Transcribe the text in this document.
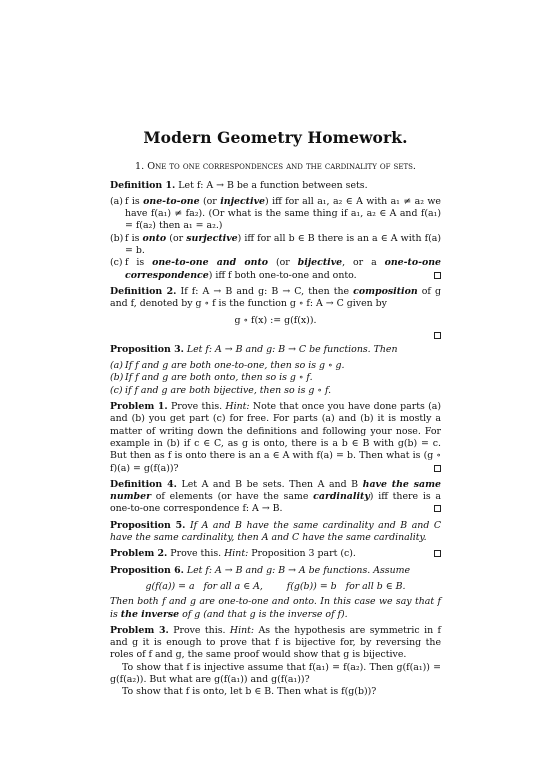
Modern Geometry Homework.
1. One to one correspondences and the cardinality of sets.
Definition 1. Let f: A → B be a function between sets.
(a) f is one-to-one (or injective) iff for all a₁, a₂ ∈ A with a₁ ≠ a₂ we have f(a₁) ≠ fa₂). (Or what is the same thing if a₁, a₂ ∈ A and f(a₁) = f(a₂) then a₁ = a₂.)
(b) f is onto (or surjective) iff for all b ∈ B there is an a ∈ A with f(a) = b.
(c) f is one-to-one and onto (or bijective, or a one-to-one correspondence) iff f both one-to-one and onto.
Definition 2. If f: A → B and g: B → C, then the composition of g and f, denoted by g ∘ f is the function g ∘ f: A → C given by
g ∘ f(x) := g(f(x)).
Proposition 3. Let f: A → B and g: B → C be functions. Then
(a) If f and g are both one-to-one, then so is g ∘ g.
(b) If f and g are both onto, then so is g ∘ f.
(c) if f and g are both bijective, then so is g ∘ f.
Problem 1. Prove this. Hint: Note that once you have done parts (a) and (b) you get part (c) for free. For parts (a) and (b) it is mostly a matter of writing down the definitions and following your nose. For example in (b) if c ∈ C, as g is onto, there is a b ∈ B with g(b) = c. But then as f is onto there is an a ∈ A with f(a) = b. Then what is (g ∘ f)(a) = g(f(a))?
Definition 4. Let A and B be sets. Then A and B have the same number of elements (or have the same cardinality) iff there is a one-to-one correspondence f: A → B.
Proposition 5. If A and B have the same cardinality and B and C have the same cardinality, then A and C have the same cardinality.
Problem 2. Prove this. Hint: Proposition 3 part (c).
Proposition 6. Let f: A → B and g: B → A be functions. Assume
g(f(a)) = a   for all a ∈ A,        f(g(b)) = b   for all b ∈ B.
Then both f and g are one-to-one and onto. In this case we say that f is the inverse of g (and that g is the inverse of f).
Problem 3. Prove this. Hint: As the hypothesis are symmetric in f and g it is enough to prove that f is bijective for, by reversing the roles of f and g, the same proof would show that g is bijective.

To show that f is injective assume that f(a₁) = f(a₂). Then g(f(a₁)) = g(f(a₂)). But what are g(f(a₁)) and g(f(a₁))?

To show that f is onto, let b ∈ B. Then what is f(g(b))?
